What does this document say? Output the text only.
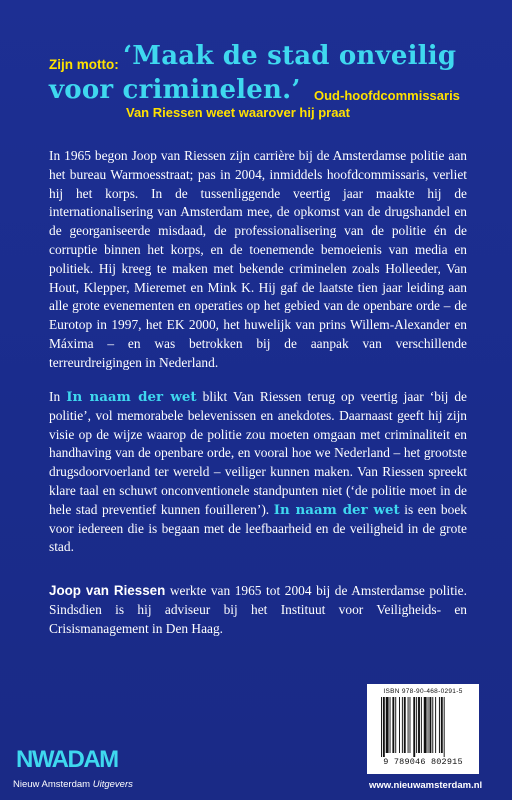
Zijn motto: ‘Maak de stad onveilig
voor criminelen.’ Oud-hoofdcommissaris
Van Riessen weet waarover hij praat

In 1965 begon Joop van Riessen zijn carrière bij de Amsterdamse politie aan het bureau Warmoesstraat; pas in 2004, inmiddels hoofdcommissaris, verliet hij het korps. In de tussenliggende veertig jaar maakte hij de internationalisering van Amsterdam mee, de opkomst van de drugshandel en de georganiseerde misdaad, de professionalisering van de politie én de corruptie binnen het korps, en de toenemende bemoeienis van media en politiek. Hij kreeg te maken met bekende criminelen zoals Holleeder, Van Hout, Klepper, Mieremet en Mink K. Hij gaf de laatste tien jaar leiding aan alle grote evenementen en operaties op het gebied van de openbare orde – de Eurotop in 1997, het EK 2000, het huwelijk van prins Willem-Alexander en Máxima – en was betrokken bij de aanpak van verschillende terreurdreigingen in Nederland.

In In naam der wet blikt Van Riessen terug op veertig jaar ‘bij de politie’, vol memorabele belevenissen en anekdotes. Daarnaast geeft hij zijn visie op de wijze waarop de politie zou moeten omgaan met criminaliteit en handhaving van de openbare orde, en vooral hoe we Nederland – het grootste drugsdoorvoerland ter wereld – veiliger kunnen maken. Van Riessen spreekt klare taal en schuwt onconventionele standpunten niet (‘de politie moet in de hele stad preventief kunnen fouilleren’). In naam der wet is een boek voor iedereen die is begaan met de leefbaarheid en de veiligheid in de grote stad.

Joop van Riessen werkte van 1965 tot 2004 bij de Amsterdamse politie. Sindsdien is hij adviseur bij het Instituut voor Veiligheids- en Crisismanagement in Den Haag.

ISBN 978-90-468-0291-5
9 789046 802915
NWADAM
Nieuw Amsterdam Uitgevers	www.nieuwamsterdam.nl
